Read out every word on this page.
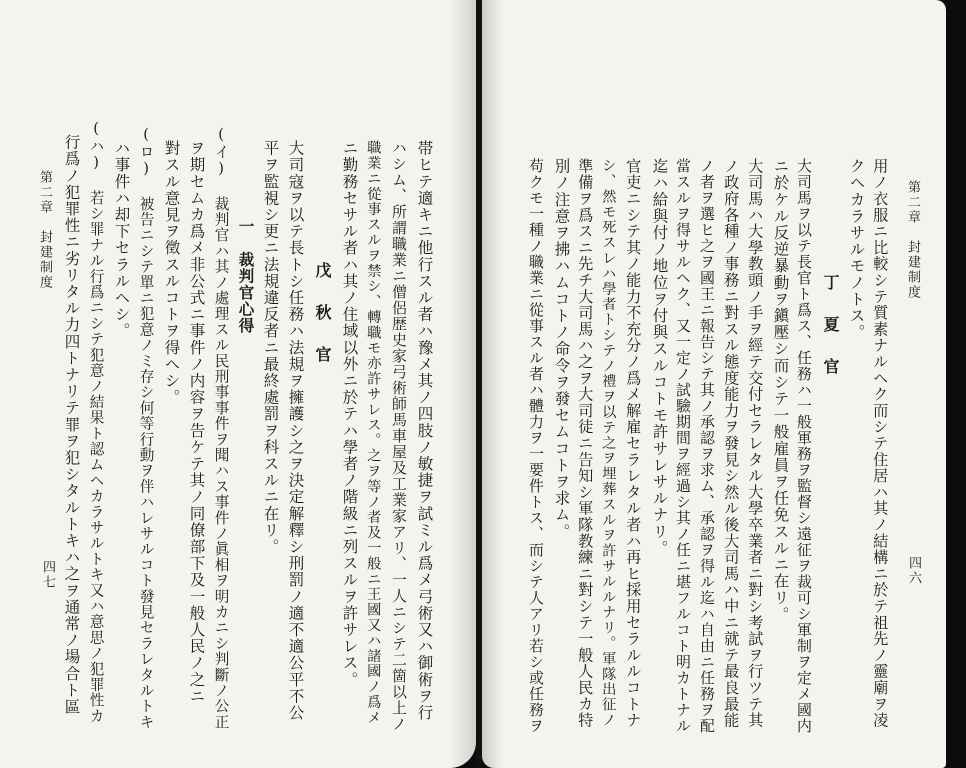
第二章　封建制度
四七	帯ヒテ適キニ他行スル者ハ豫メ其ノ四肢ノ敏捷ヲ試ミル爲メ弓術又ハ御術ヲ行
ハシム、所謂職業ニ僧侶歴史家弓術師馬車屋及工業家アリ、一人ニシテ二箇以上ノ
職業ニ從事スルヲ禁シ、轉職モ亦許サレス。之ヲ等ノ者及一般ニ王國又ハ諸國ノ爲メ
ニ勤務セサル者ハ其ノ住域以外ニ於テハ學者ノ階級ニ列スルヲ許サレス。
戊　秋　官
大司寇ヲ以テ長トシ任務ハ法規ヲ擁護シ之ヲ決定解釋シ刑罰ノ適不適公平不公
平ヲ監視シ更ニ法規違反者ニ最終處罰ヲ科スルニ在リ。
一　裁判官心得
(イ) 裁判官ハ其ノ處理スル民刑事事件ヲ聞ハス事件ノ眞相ヲ明カニシ判斷ノ公正
ヲ期セムカ爲メ非公式ニ事件ノ内容ヲ告ケテ其ノ同僚部下及一般人民ノ之ニ
對スル意見ヲ徵スルコトヲ得ヘシ。
(ロ) 被告ニシテ單ニ犯意ノミ存シ何等行動ヲ伴ハレサルコト發見セラレタルトキ
ハ事件ハ却下セラルヘシ。
(ハ) 若シ罪ナル行爲ニシテ犯意ノ結果ト認ムヘカラサルトキ又ハ意思ノ犯罪性カ
行爲ノ犯罪性ニ劣リタル力四トナリテ罪ヲ犯シタルトキハ之ヲ通常ノ場合ト區	第二章　封建制度
四六
用ノ衣服ニ比較シテ質素ナルヘク而シテ住居ハ其ノ結構ニ於テ祖先ノ靈廟ヲ凌
クヘカラサルモノトス。
丁　夏　官
大司馬ヲ以テ長官ト爲ス、任務ハ一般軍務ヲ監督シ遠征ヲ裁可シ軍制ヲ定メ國内
ニ於ケル反逆暴動ヲ鎭壓シ而シテ一般雇員ヲ任免スルニ在リ。
大司馬ハ大學教頭ノ手ヲ經テ交付セラレタル大學卒業者ニ對シ考試ヲ行ツテ其
ノ政府各種ノ事務ニ對スル態度能力ヲ發見シ然ル後大司馬ハ中ニ就テ最良最能
ノ者ヲ選ヒ之ヲ國王ニ報告シテ其ノ承認ヲ求ム、承認ヲ得ル迄ハ自由ニ任務ヲ配
當スルヲ得サルヘク、又一定ノ試驗期間ヲ經過シ其ノ任ニ堪フルコト明カトナル
迄ハ給與付ノ地位ヲ付與スルコトモ許サレサルナリ。
官吏ニシテ其ノ能力不充分ノ爲メ解雇セラレタル者ハ再ヒ採用セラルルコトナ
シ、然モ死スレハ學者トシテノ禮ヲ以テ之ヲ埋葬スルヲ許サルルナリ。軍隊出征ノ
準備ヲ爲スニ先チ大司馬ハ之ヲ大司徒ニ告知シ軍隊教練ニ對シテ一般人民カ特
別ノ注意ヲ拂ハムコトノ命令ヲ發セムコトヲ求ム。
苟クモ一種ノ職業ニ從事スル者ハ體力ヲ一要件トス、而シテ人アリ若シ或任務ヲ
